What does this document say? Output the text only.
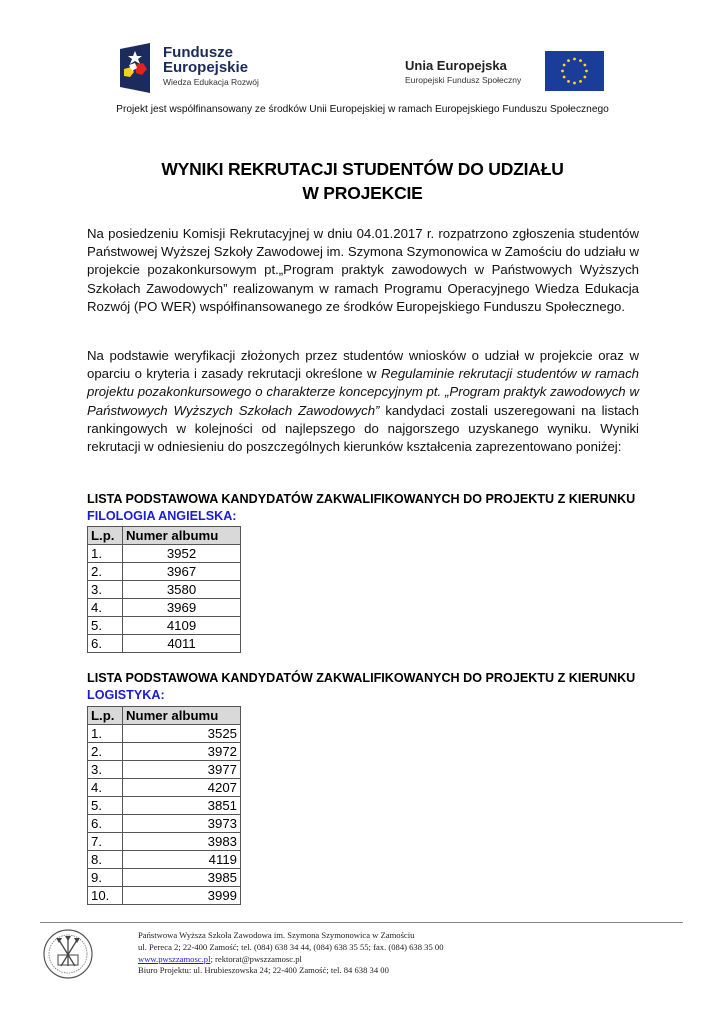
Fundusze
Europejskie
Wiedza Edukacja Rozwój
Unia Europejska
Europejski Fundusz Społeczny
Projekt jest współfinansowany ze środków Unii Europejskiej w ramach Europejskiego Funduszu Społecznego
WYNIKI REKRUTACJI STUDENTÓW DO UDZIAŁU
W PROJEKCIE
Na posiedzeniu Komisji Rekrutacyjnej w dniu 04.01.2017 r. rozpatrzono zgłoszenia studentów Państwowej Wyższej Szkoły Zawodowej im. Szymona Szymonowica w Zamościu do udziału w projekcie pozakonkursowym pt.„Program praktyk zawodowych w Państwowych Wyższych Szkołach Zawodowych” realizowanym w ramach Programu Operacyjnego Wiedza Edukacja Rozwój (PO WER) współfinansowanego ze środków Europejskiego Funduszu Społecznego.
Na podstawie weryfikacji złożonych przez studentów wniosków o udział w projekcie oraz w oparciu o kryteria i zasady rekrutacji określone w Regulaminie rekrutacji studentów w ramach projektu pozakonkursowego o charakterze koncepcyjnym pt. „Program praktyk zawodowych w Państwowych Wyższych Szkołach Zawodowych” kandydaci zostali uszeregowani na listach rankingowych w kolejności od najlepszego do najgorszego uzyskanego wyniku. Wyniki rekrutacji w odniesieniu do poszczególnych kierunków kształcenia zaprezentowano poniżej:
LISTA PODSTAWOWA KANDYDATÓW ZAKWALIFIKOWANYCH DO PROJEKTU Z KIERUNKU
FILOLOGIA ANGIELSKA:
L.p.	Numer albumu
1.	3952
2.	3967
3.	3580
4.	3969
5.	4109
6.	4011
LISTA PODSTAWOWA KANDYDATÓW ZAKWALIFIKOWANYCH DO PROJEKTU Z KIERUNKU
LOGISTYKA:
L.p.	Numer albumu
1.	3525
2.	3972
3.	3977
4.	4207
5.	3851
6.	3973
7.	3983
8.	4119
9.	3985
10.	3999
Państwowa Wyższa Szkoła Zawodowa im. Szymona Szymonowica w Zamościu
ul. Pereca 2; 22-400 Zamość; tel. (084) 638 34 44, (084) 638 35 55; fax. (084) 638 35 00
www.pwszzamosc.pl; rektorat@pwszzamosc.pl
Biuro Projektu: ul. Hrubieszowska 24; 22-400 Zamość; tel. 84 638 34 00
